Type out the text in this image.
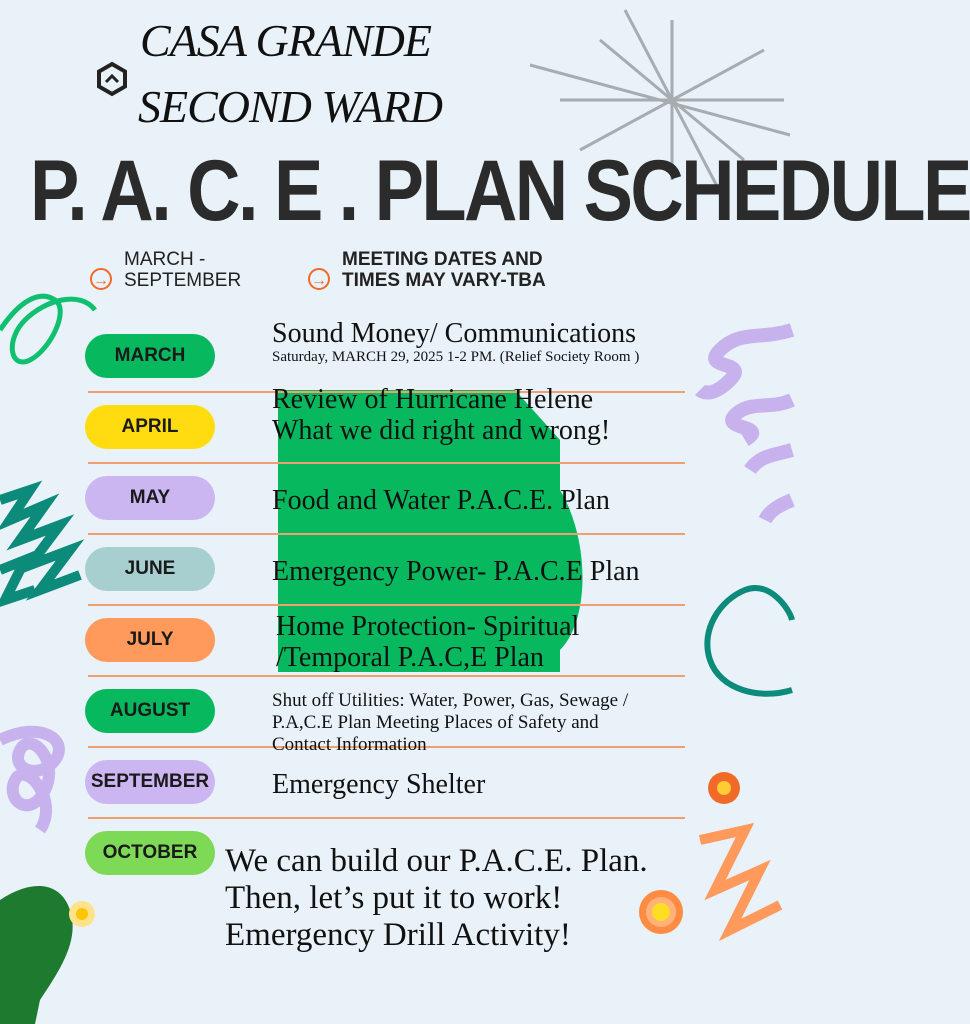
CASA GRANDE
SECOND WARD
P. A. C. E . PLAN SCHEDULE
→
MARCH -
SEPTEMBER	→
MEETING DATES AND
TIMES MAY VARY-TBA
MARCH
APRIL
MAY
JUNE
JULY
AUGUST
SEPTEMBER
OCTOBER
Sound Money/ Communications
Saturday, MARCH 29, 2025 1-2 PM. (Relief Society Room )
Review of Hurricane Helene
What we did right and wrong!
Food and Water P.A.C.E. Plan
Emergency Power- P.A.C.E Plan
Home Protection- Spiritual
/Temporal P.A.C,E Plan
Shut off Utilities: Water, Power, Gas, Sewage /
P.A,C.E Plan Meeting Places of Safety and
Contact Information
Emergency Shelter
We can build our P.A.C.E. Plan.
Then, let’s put it to work!
Emergency Drill Activity!
